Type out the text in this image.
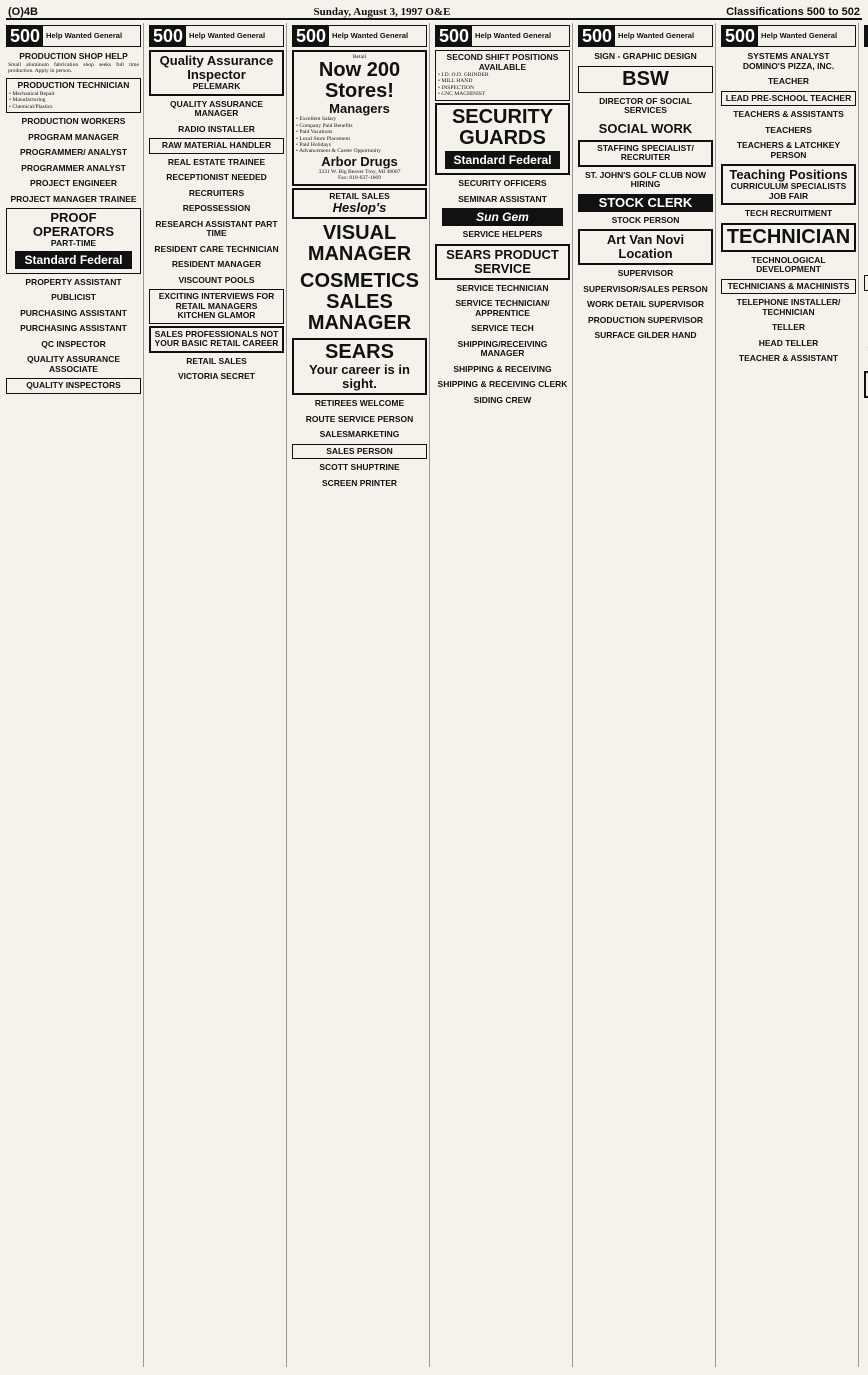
(O)4B	Sunday, August 3, 1997 O&E	Classifications 500 to 502
500 Help Wanted General
PRODUCTION SHOP HELP
Small aluminum fabrication shop seeks full time production. Apply in person.
PRODUCTION TECHNICIAN
• Mechanical Repair
• Manufacturing
• Chemical/Plastics
PRODUCTION WORKERS
PROGRAM MANAGER
PROGRAMMER/ ANALYST
PROGRAMMER ANALYST
PROJECT ENGINEER
PROJECT MANAGER TRAINEE
PROOF OPERATORS
PART-TIME
Standard Federal
PROPERTY ASSISTANT
PUBLICIST
PURCHASING ASSISTANT
PURCHASING ASSISTANT
QC INSPECTOR
QUALITY ASSURANCE ASSOCIATE
QUALITY INSPECTORS
500 Help Wanted General
Quality Assurance Inspector
PELEMARK
QUALITY ASSURANCE MANAGER
RADIO INSTALLER
RAW MATERIAL HANDLER
REAL ESTATE TRAINEE
RECEPTIONIST NEEDED
RECRUITERS
REPOSSESSION
RESEARCH ASSISTANT PART TIME
RESIDENT CARE TECHNICIAN
RESIDENT MANAGER
VISCOUNT POOLS
EXCITING INTERVIEWS FOR RETAIL MANAGERS
KITCHEN GLAMOR
SALES PROFESSIONALS NOT YOUR BASIC RETAIL CAREER
RETAIL SALES
VICTORIA SECRET
500 Help Wanted General
Retail
Now 200 Stores!
Managers
• Excellent Salary
• Company Paid Benefits
• Paid Vacations
• Local Store Placement
• Paid Holidays
• Advancement & Career Opportunity
Arbor Drugs
3331 W. Big Beaver Troy, MI 48007
Fax: 810-637-1669
RETAIL SALES
Heslop's
VISUAL MANAGER
COSMETICS SALES MANAGER
SEARS
Your career is in sight.
RETIREES WELCOME
ROUTE SERVICE PERSON
SALESMARKETING
SALES PERSON
SCOTT SHUPTRINE
SCREEN PRINTER
500 Help Wanted General
SECOND SHIFT POSITIONS AVAILABLE
• I.D. O.D. GRINDER
• MILL HAND
• INSPECTION
• CNC MACHINIST
SECURITY GUARDS
Standard Federal
SECURITY OFFICERS
SEMINAR ASSISTANT
Sun Gem
SERVICE HELPERS
SEARS PRODUCT SERVICE
SERVICE TECHNICIAN
SERVICE TECHNICIAN/ APPRENTICE
SERVICE TECH
SHIPPING/RECEIVING MANAGER
SHIPPING & RECEIVING
SHIPPING & RECEIVING CLERK
SIDING CREW
500 Help Wanted General
SIGN - GRAPHIC DESIGN
BSW
DIRECTOR OF SOCIAL SERVICES
SOCIAL WORK
STAFFING SPECIALIST/ RECRUITER
ST. JOHN'S GOLF CLUB NOW HIRING
STOCK CLERK
STOCK PERSON
Art Van Novi Location
SUPERVISOR
SUPERVISOR/SALES PERSON
WORK DETAIL SUPERVISOR
PRODUCTION SUPERVISOR
SURFACE GILDER HAND
500 Help Wanted General
SYSTEMS ANALYST
DOMINO'S PIZZA, INC.
TEACHER
LEAD PRE-SCHOOL TEACHER
TEACHERS & ASSISTANTS
TEACHERS
TEACHERS & LATCHKEY PERSON
Teaching Positions
CURRICULUM SPECIALISTS JOB FAIR
TECH RECRUITMENT
TECHNICIAN
TECHNOLOGICAL DEVELOPMENT
TECHNICIANS & MACHINISTS
TELEPHONE INSTALLER/ TECHNICIAN
TELLER
HEAD TELLER
TEACHER & ASSISTANT
